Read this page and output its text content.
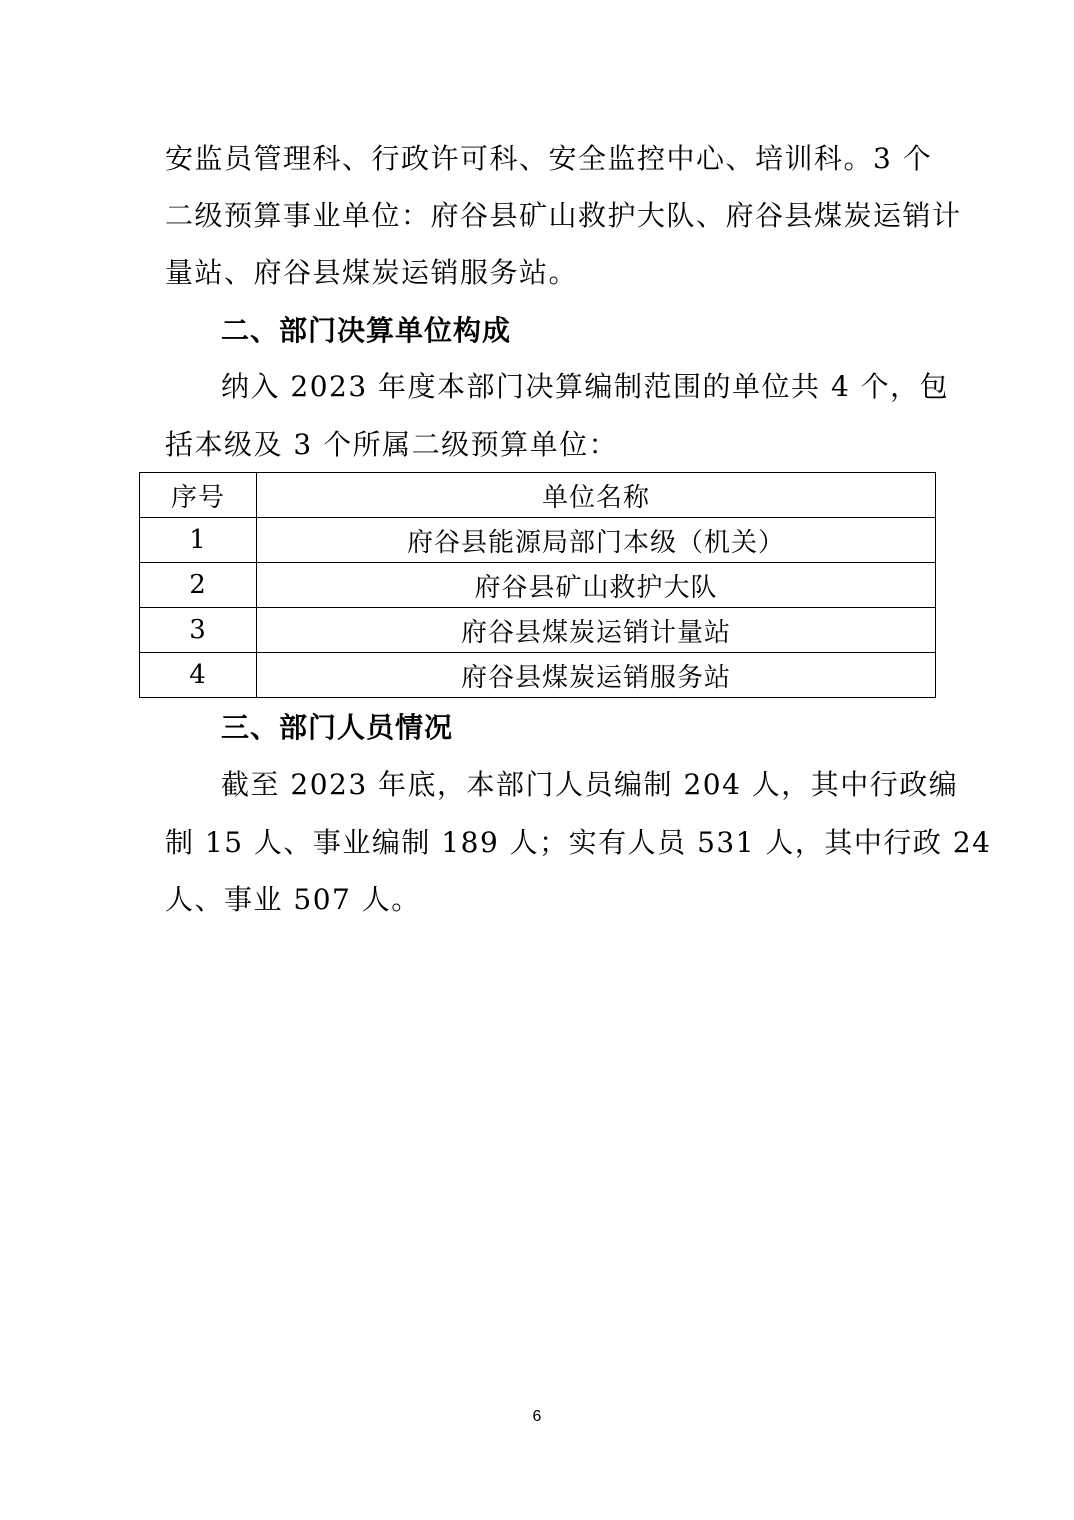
安监员管理科、行政许可科、安全监控中心、培训科。3 个
二级预算事业单位：府谷县矿山救护大队、府谷县煤炭运销计
量站、府谷县煤炭运销服务站。
二、部门决算单位构成
纳入 2023 年度本部门决算编制范围的单位共 4 个，包
括本级及 3 个所属二级预算单位：
序号	单位名称
1	府谷县能源局部门本级（机关）
2	府谷县矿山救护大队
3	府谷县煤炭运销计量站
4	府谷县煤炭运销服务站
三、部门人员情况
截至 2023 年底，本部门人员编制 204 人，其中行政编
制 15 人、事业编制 189 人；实有人员 531 人，其中行政 24
人、事业 507 人。
6
